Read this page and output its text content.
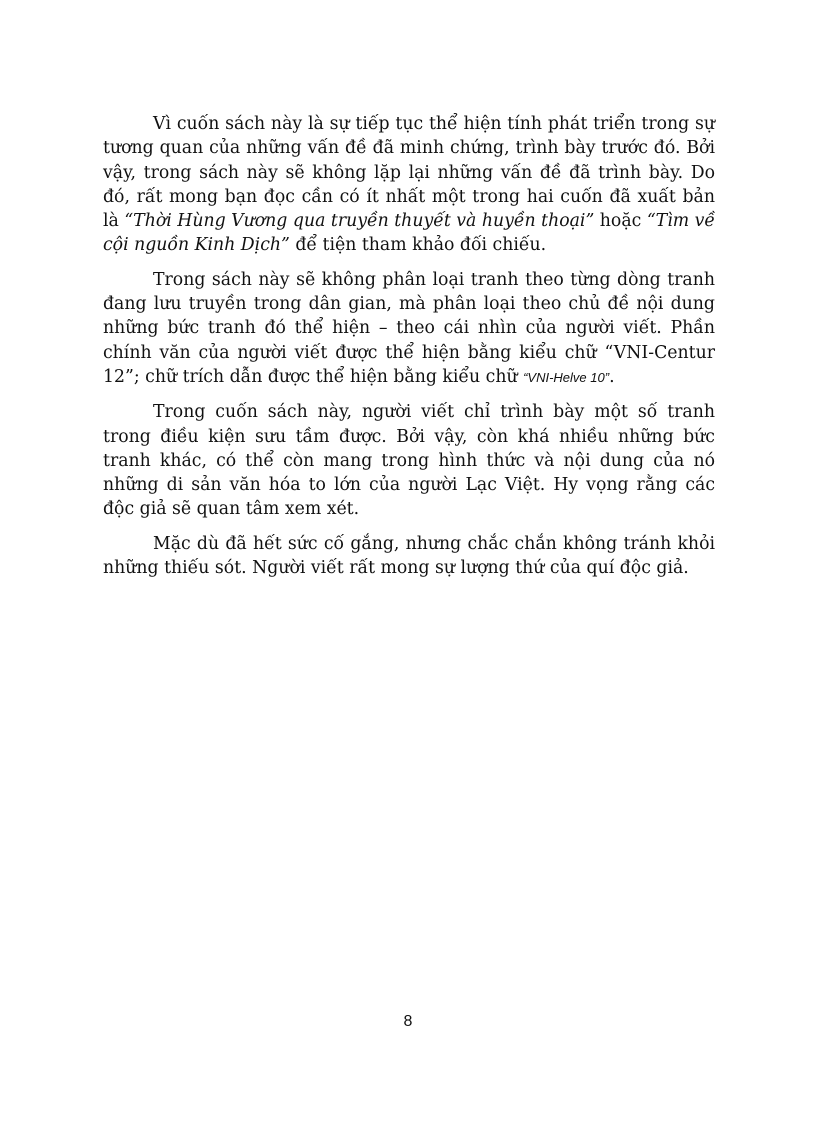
Vì cuốn sách này là sự tiếp tục thể hiện tính phát triển trong sự tương quan của những vấn đề đã minh chứng, trình bày trước đó. Bởi vậy, trong sách này sẽ không lặp lại những vấn đề đã trình bày. Do đó, rất mong bạn đọc cần có ít nhất một trong hai cuốn đã xuất bản là “Thời Hùng Vương qua truyền thuyết và huyền thoại” hoặc “Tìm về cội nguồn Kinh Dịch” để tiện tham khảo đối chiếu.

Trong sách này sẽ không phân loại tranh theo từng dòng tranh đang lưu truyền trong dân gian, mà phân loại theo chủ đề nội dung những bức tranh đó thể hiện – theo cái nhìn của người viết. Phần chính văn của người viết được thể hiện bằng kiểu chữ “VNI-Centur 12”; chữ trích dẫn được thể hiện bằng kiểu chữ “VNI-Helve 10”.

Trong cuốn sách này, người viết chỉ trình bày một số tranh trong điều kiện sưu tầm được. Bởi vậy, còn khá nhiều những bức tranh khác, có thể còn mang trong hình thức và nội dung của nó những di sản văn hóa to lớn của người Lạc Việt. Hy vọng rằng các độc giả sẽ quan tâm xem xét.

Mặc dù đã hết sức cố gắng, nhưng chắc chắn không tránh khỏi những thiếu sót. Người viết rất mong sự lượng thứ của quí độc giả.

8
